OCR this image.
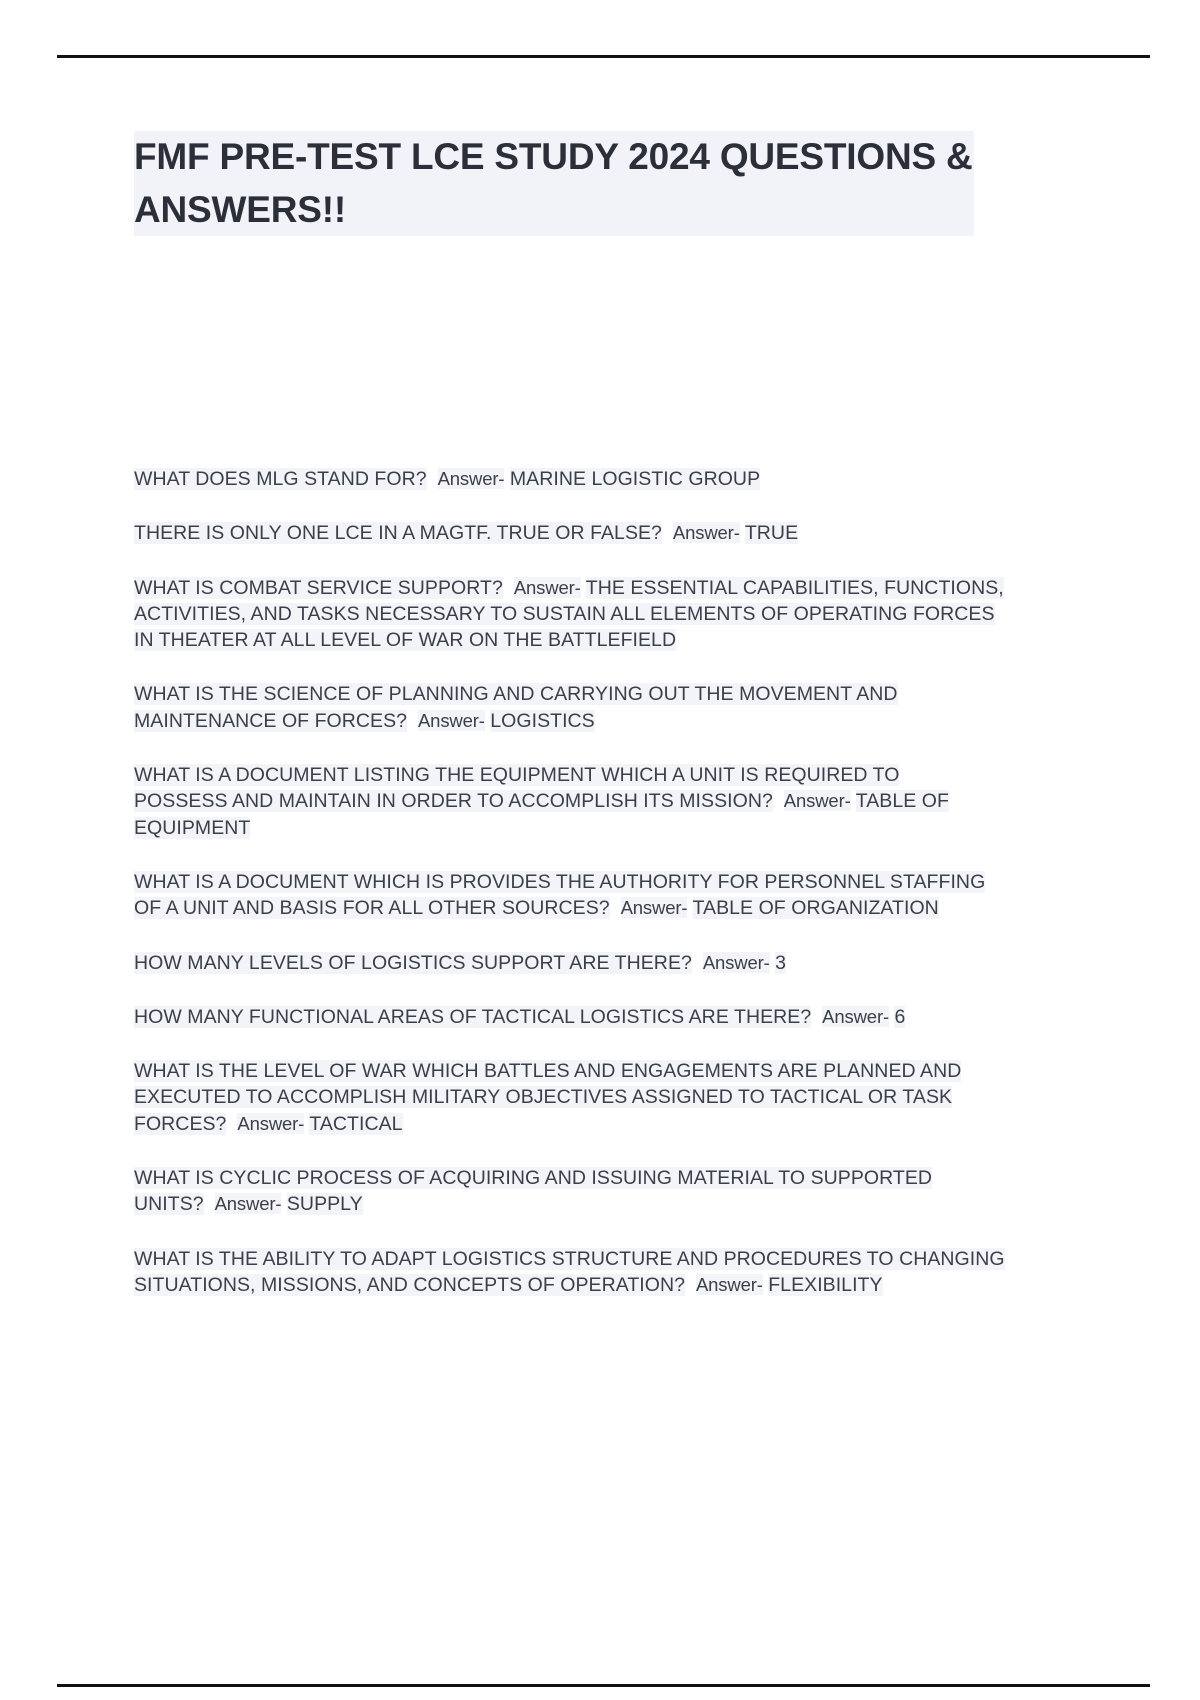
FMF PRE-TEST LCE STUDY 2024 QUESTIONS & ANSWERS!!

WHAT DOES MLG STAND FOR? Answer- MARINE LOGISTIC GROUP

THERE IS ONLY ONE LCE IN A MAGTF. TRUE OR FALSE? Answer- TRUE

WHAT IS COMBAT SERVICE SUPPORT? Answer- THE ESSENTIAL CAPABILITIES, FUNCTIONS, ACTIVITIES, AND TASKS NECESSARY TO SUSTAIN ALL ELEMENTS OF OPERATING FORCES IN THEATER AT ALL LEVEL OF WAR ON THE BATTLEFIELD

WHAT IS THE SCIENCE OF PLANNING AND CARRYING OUT THE MOVEMENT AND MAINTENANCE OF FORCES? Answer- LOGISTICS

WHAT IS A DOCUMENT LISTING THE EQUIPMENT WHICH A UNIT IS REQUIRED TO POSSESS AND MAINTAIN IN ORDER TO ACCOMPLISH ITS MISSION? Answer- TABLE OF EQUIPMENT

WHAT IS A DOCUMENT WHICH IS PROVIDES THE AUTHORITY FOR PERSONNEL STAFFING OF A UNIT AND BASIS FOR ALL OTHER SOURCES? Answer- TABLE OF ORGANIZATION

HOW MANY LEVELS OF LOGISTICS SUPPORT ARE THERE? Answer- 3

HOW MANY FUNCTIONAL AREAS OF TACTICAL LOGISTICS ARE THERE? Answer- 6

WHAT IS THE LEVEL OF WAR WHICH BATTLES AND ENGAGEMENTS ARE PLANNED AND EXECUTED TO ACCOMPLISH MILITARY OBJECTIVES ASSIGNED TO TACTICAL OR TASK FORCES? Answer- TACTICAL

WHAT IS CYCLIC PROCESS OF ACQUIRING AND ISSUING MATERIAL TO SUPPORTED UNITS? Answer- SUPPLY

WHAT IS THE ABILITY TO ADAPT LOGISTICS STRUCTURE AND PROCEDURES TO CHANGING SITUATIONS, MISSIONS, AND CONCEPTS OF OPERATION? Answer- FLEXIBILITY
